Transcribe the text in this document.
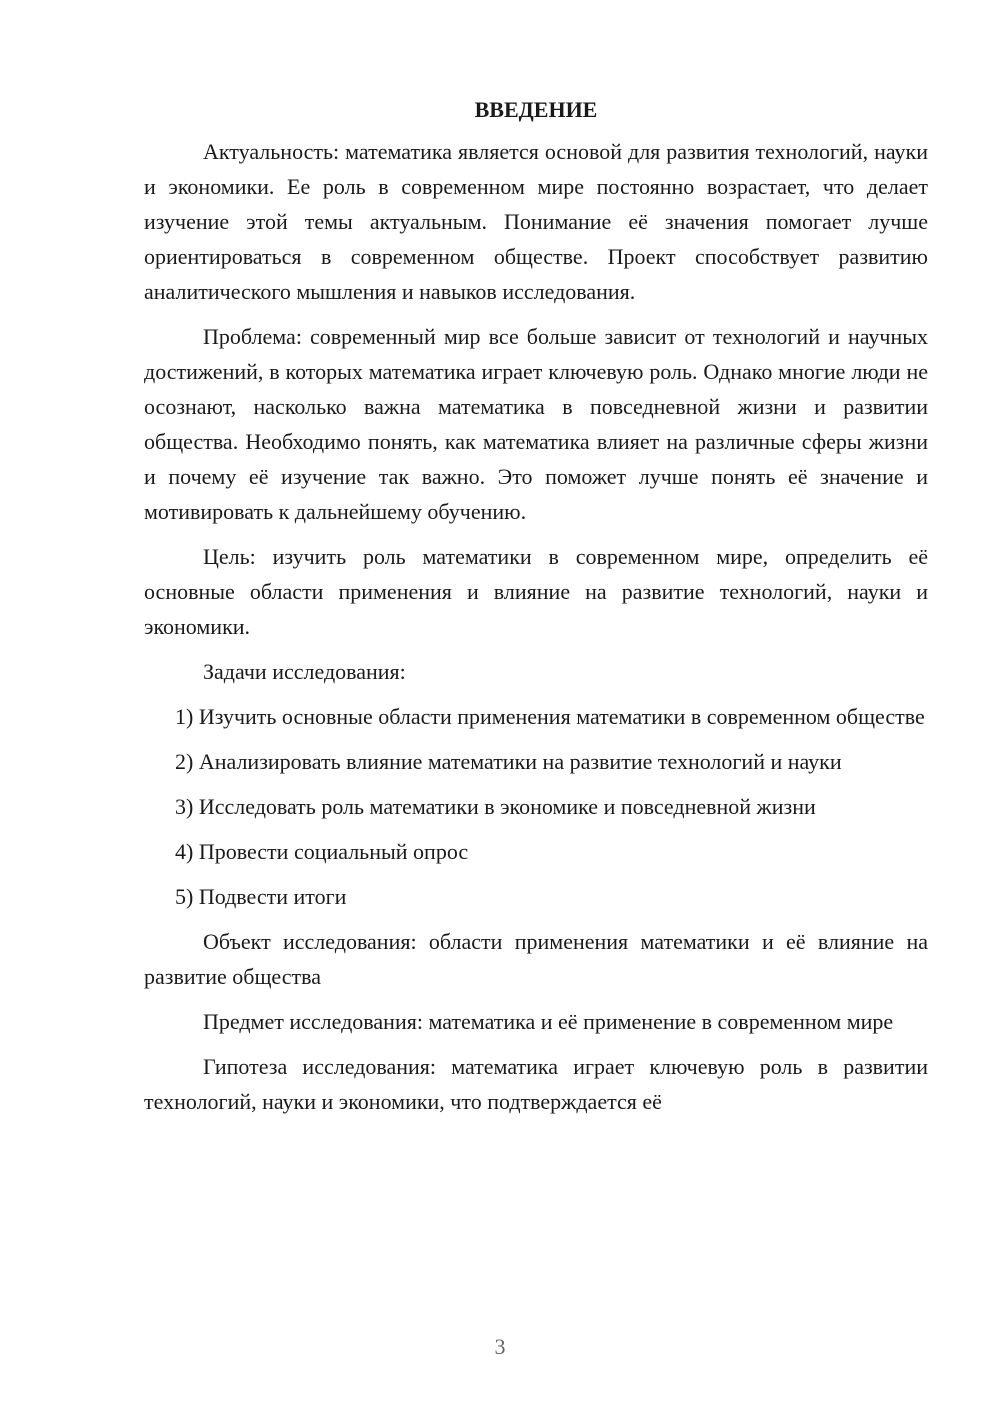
ВВЕДЕНИЕ

Актуальность: математика является основой для развития технологий, науки и экономики. Ее роль в современном мире постоянно возрастает, что делает изучение этой темы актуальным. Понимание её значения помогает лучше ориентироваться в современном обществе. Проект способствует развитию аналитического мышления и навыков исследования.

Проблема: современный мир все больше зависит от технологий и научных достижений, в которых математика играет ключевую роль. Однако многие люди не осознают, насколько важна математика в повседневной жизни и развитии общества. Необходимо понять, как математика влияет на различные сферы жизни и почему её изучение так важно. Это поможет лучше понять её значение и мотивировать к дальнейшему обучению.

Цель: изучить роль математики в современном мире, определить её основные области применения и влияние на развитие технологий, науки и экономики.

Задачи исследования:

1) Изучить основные области применения математики в современном обществе

2) Анализировать влияние математики на развитие технологий и науки

3) Исследовать роль математики в экономике и повседневной жизни

4) Провести социальный опрос

5) Подвести итоги

Объект исследования: области применения математики и её влияние на развитие общества

Предмет исследования: математика и её применение в современном мире

Гипотеза исследования: математика играет ключевую роль в развитии технологий, науки и экономики, что подтверждается её

3
